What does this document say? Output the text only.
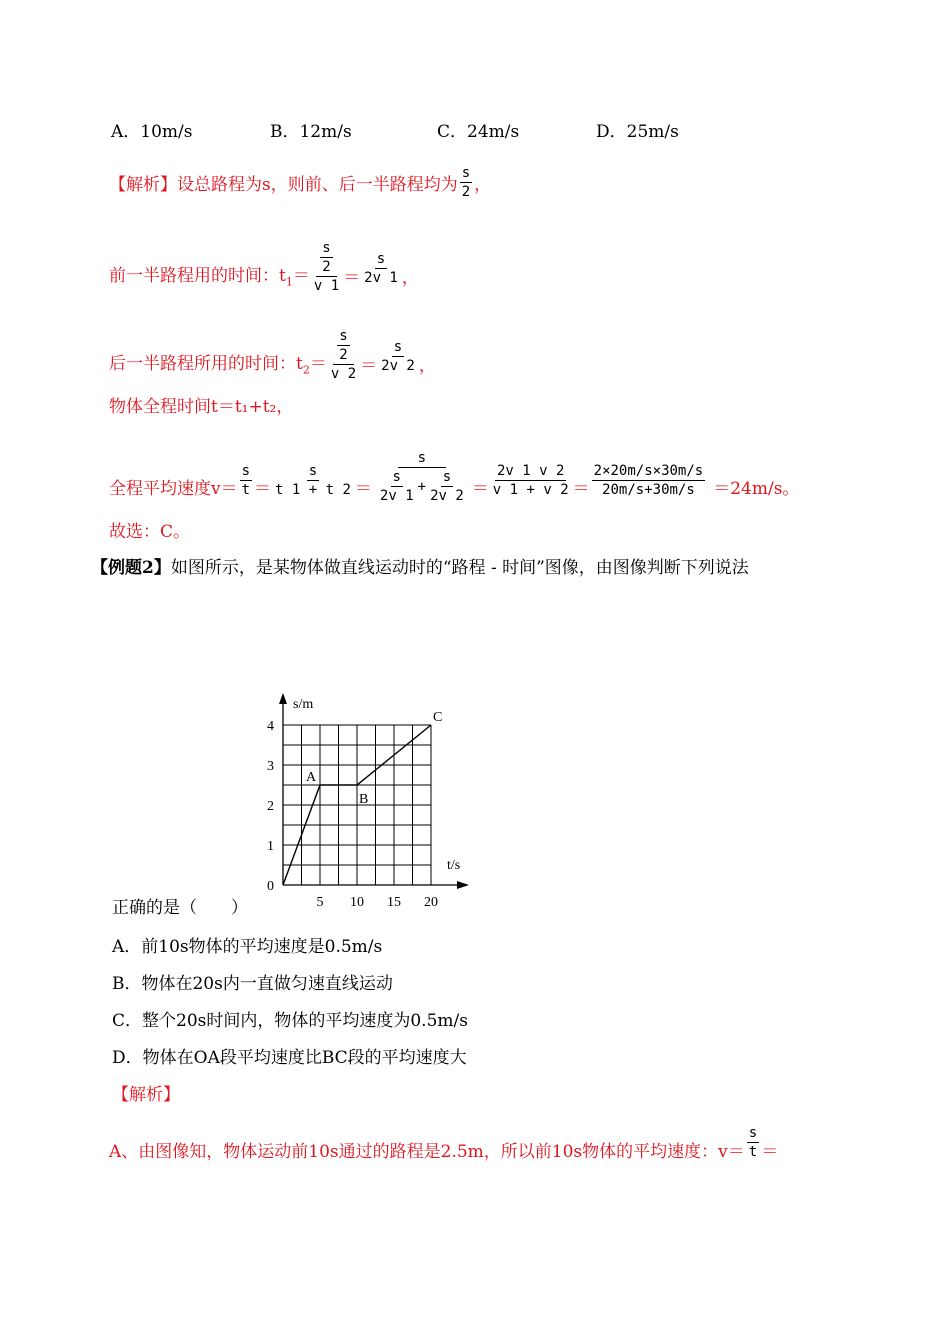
A．10m/s	B．12m/s	C．24m/s	D．25m/s
【解析】设总路程为s，则前、后一半路程均为 $\frac{s}{2}$ ，
前一半路程用的时间：$t_1= \frac{\frac{s}{2}}{v 1} = \frac{s}{2v 1}$ ，
后一半路程所用的时间：$t_2= \frac{\frac{s}{2}}{v 2} = \frac{s}{2v 2}$ ，
物体全程时间t＝t₁+t₂，
全程平均速度$v= \frac{s}{t} = \frac{s}{t 1 + t 2} = \frac{s}{\frac{s}{2v 1} + \frac{s}{2v 2}} = \frac{2v 1 v 2}{v 1 + v 2} = \frac{2\times 20m/s\times 30m/s}{20m/s+30m/s} =24m/s$。
故选：C。
【例题2】如图所示，是某物体做直线运动时的“路程 - 时间”图像，由图像判断下列说法
5 10 15 20
1
2
3
4
A
B
C
s/m
t/s
0
正确的是（　　）
A．前10s物体的平均速度是0.5m/s
B．物体在20s内一直做匀速直线运动
C．整个20s时间内，物体的平均速度为0.5m/s
D．物体在OA段平均速度比BC段的平均速度大
【解析】
A、由图像知，物体运动前10s通过的路程是2.5m，所以前10s物体的平均速度：$v= \frac{s}{t}$ ＝
